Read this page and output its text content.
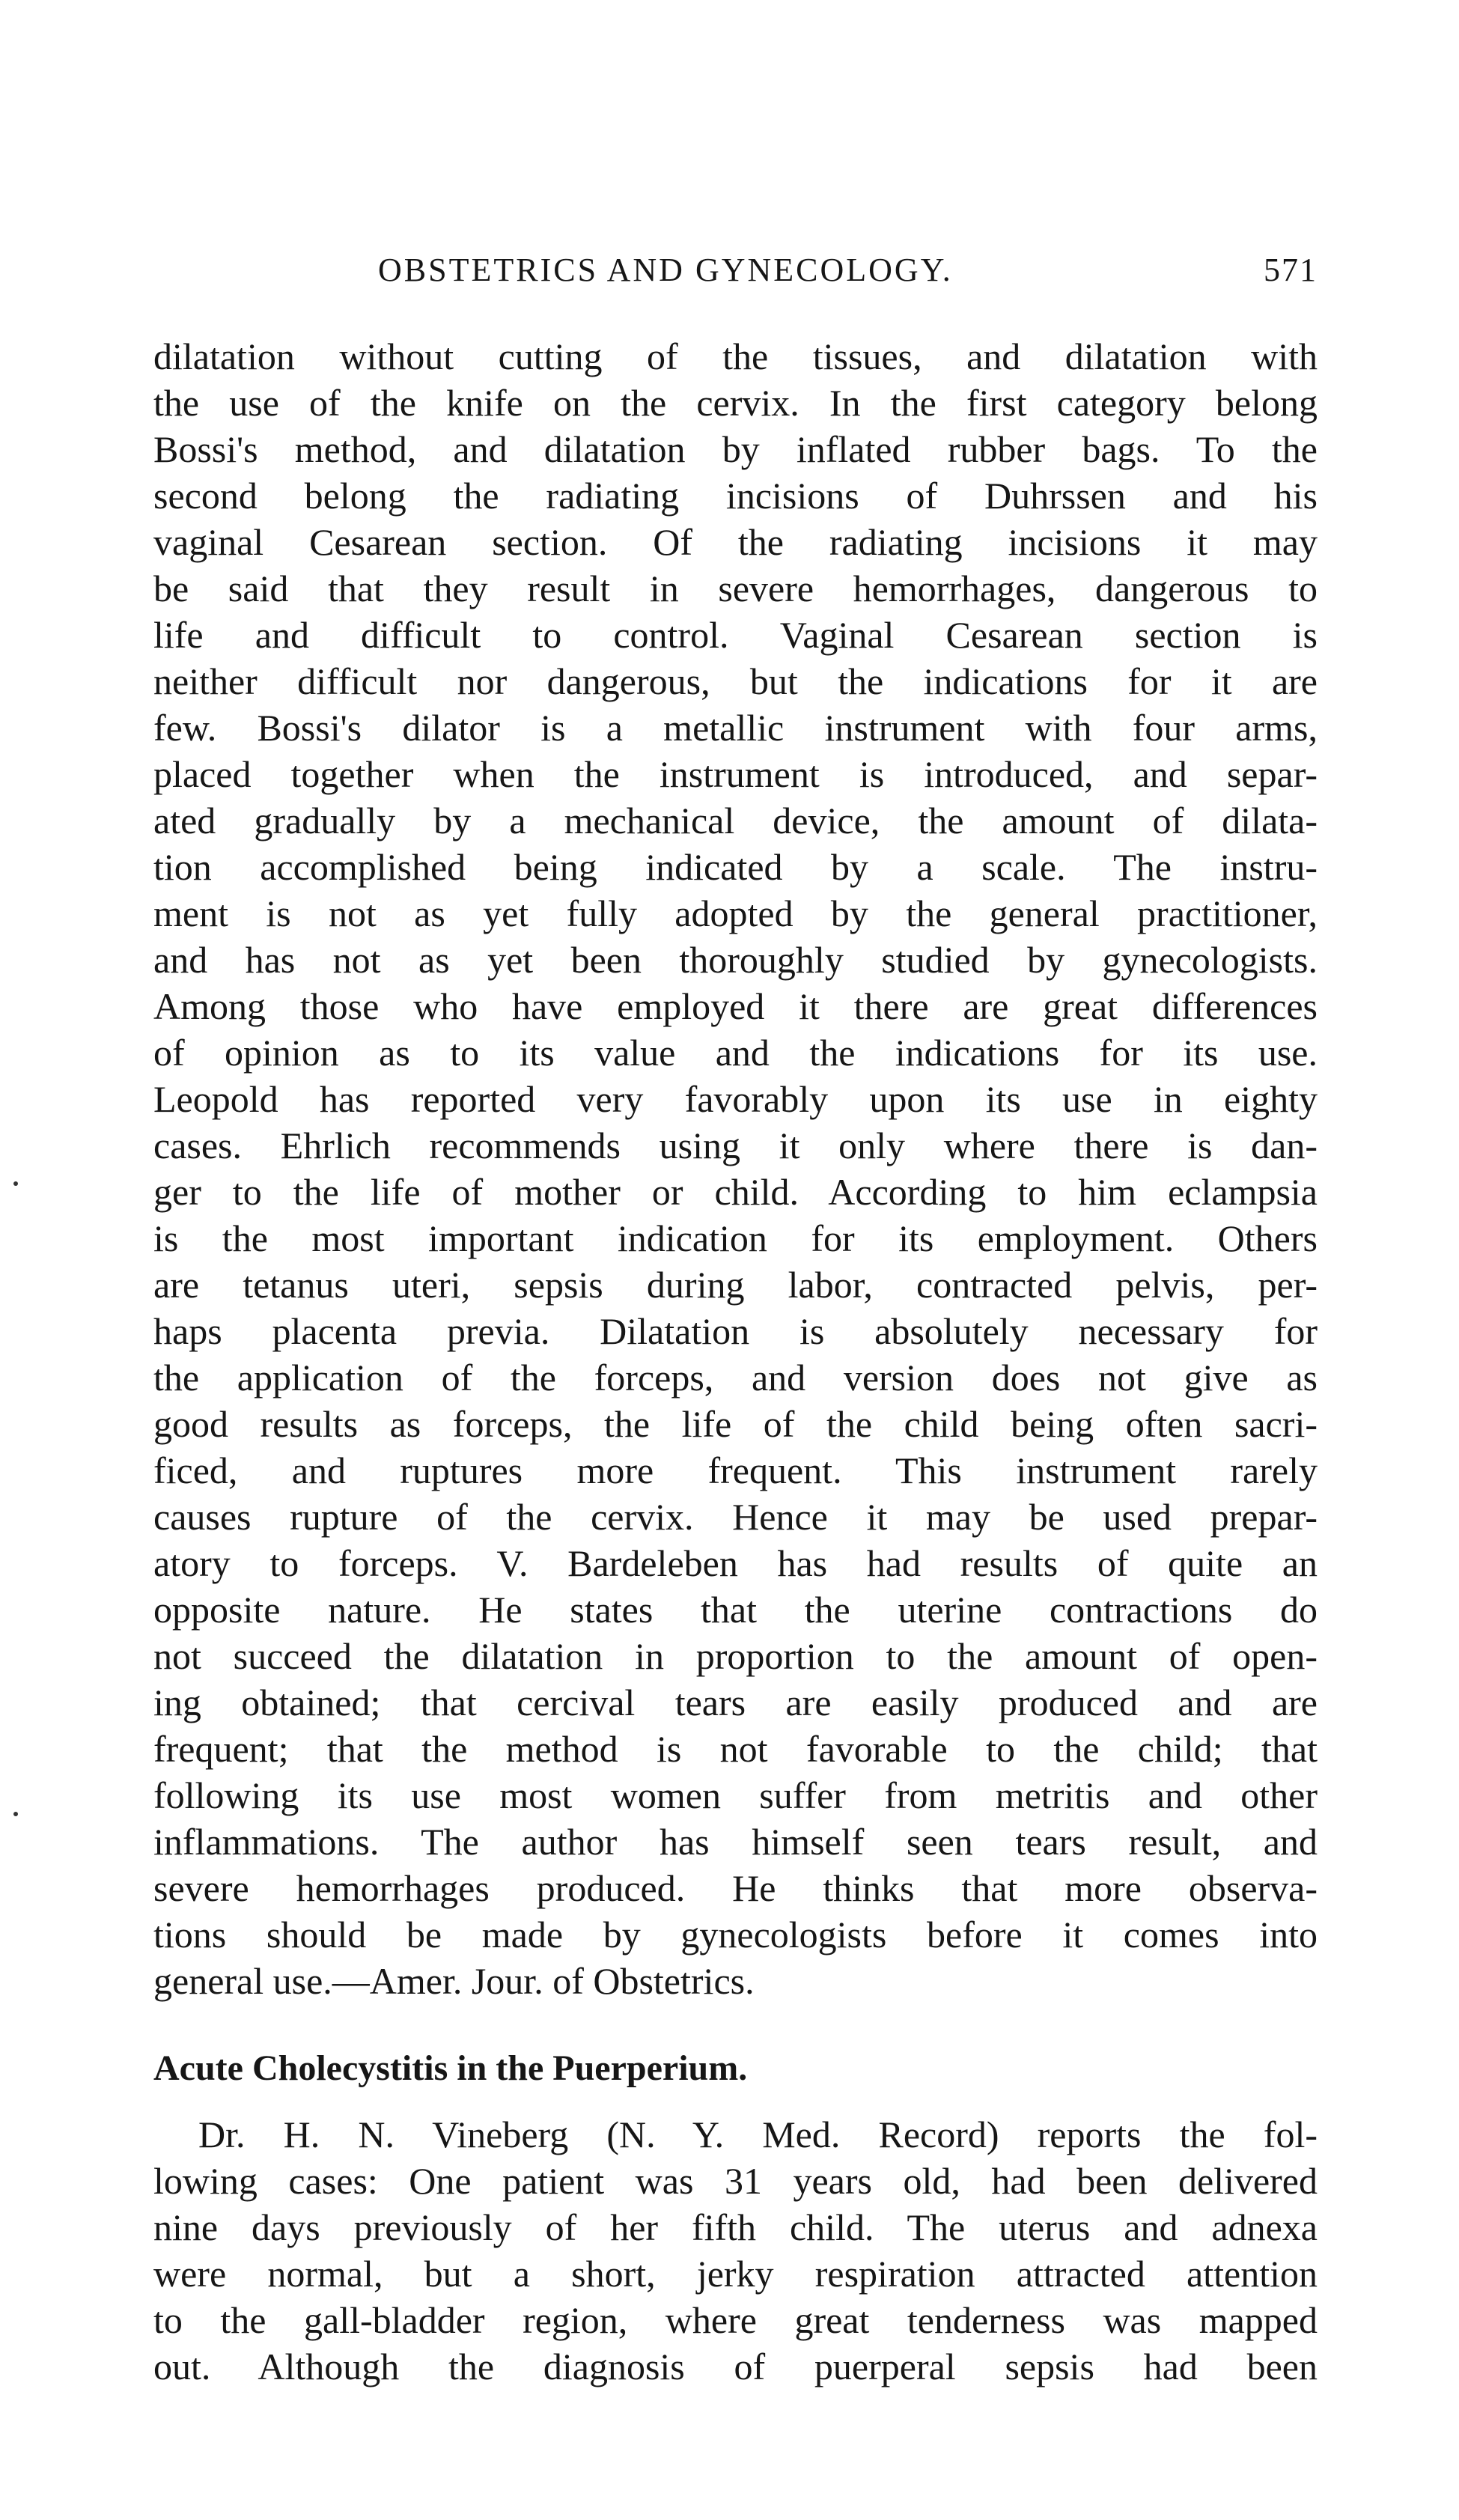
OBSTETRICS AND GYNECOLOGY.	571
dilatation without cutting of the tissues, and dilatation with
the use of the knife on the cervix. In the first category belong
Bossi's method, and dilatation by inflated rubber bags. To the
second belong the radiating incisions of Duhrssen and his
vaginal Cesarean section. Of the radiating incisions it may
be said that they result in severe hemorrhages, dangerous to
life and difficult to control. Vaginal Cesarean section is
neither difficult nor dangerous, but the indications for it are
few. Bossi's dilator is a metallic instrument with four arms,
placed together when the instrument is introduced, and separ-
ated gradually by a mechanical device, the amount of dilata-
tion accomplished being indicated by a scale. The instru-
ment is not as yet fully adopted by the general practitioner,
and has not as yet been thoroughly studied by gynecologists.
Among those who have employed it there are great differences
of opinion as to its value and the indications for its use.
Leopold has reported very favorably upon its use in eighty
cases. Ehrlich recommends using it only where there is dan-
ger to the life of mother or child. According to him eclampsia
is the most important indication for its employment. Others
are tetanus uteri, sepsis during labor, contracted pelvis, per-
haps placenta previa. Dilatation is absolutely necessary for
the application of the forceps, and version does not give as
good results as forceps, the life of the child being often sacri-
ficed, and ruptures more frequent. This instrument rarely
causes rupture of the cervix. Hence it may be used prepar-
atory to forceps. V. Bardeleben has had results of quite an
opposite nature. He states that the uterine contractions do
not succeed the dilatation in proportion to the amount of open-
ing obtained; that cercival tears are easily produced and are
frequent; that the method is not favorable to the child; that
following its use most women suffer from metritis and other
inflammations. The author has himself seen tears result, and
severe hemorrhages produced. He thinks that more observa-
tions should be made by gynecologists before it comes into
general use.—Amer. Jour. of Obstetrics.
Acute Cholecystitis in the Puerperium.
Dr. H. N. Vineberg (N. Y. Med. Record) reports the fol-
lowing cases: One patient was 31 years old, had been delivered
nine days previously of her fifth child. The uterus and adnexa
were normal, but a short, jerky respiration attracted attention
to the gall-bladder region, where great tenderness was mapped
out. Although the diagnosis of puerperal sepsis had been
